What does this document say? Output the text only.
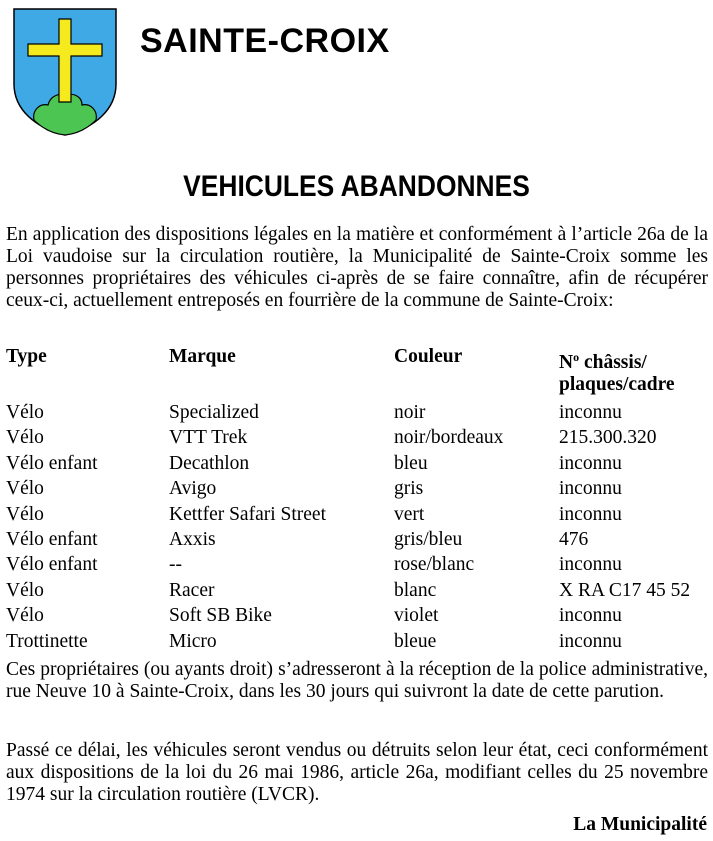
SAINTE-CROIX
VEHICULES ABANDONNES
En application des dispositions légales en la matière et conformément à l’article 26a de la Loi vaudoise sur la circulation routière, la Municipalité de Sainte-Croix somme les personnes propriétaires des véhicules ci-après de se faire connaître, afin de récupérer ceux-ci, actuellement entreposés en fourrière de la commune de Sainte-Croix:
Type	Marque	Couleur	$N^o$ châssis/
plaques/cadre
Vélo	Specialized	noir	inconnu
Vélo	VTT Trek	noir/bordeaux	215.300.320
Vélo enfant	Decathlon	bleu	inconnu
Vélo	Avigo	gris	inconnu
Vélo	Kettfer Safari Street	vert	inconnu
Vélo enfant	Axxis	gris/bleu	476
Vélo enfant	--	rose/blanc	inconnu
Vélo	Racer	blanc	X RA C17 45 52
Vélo	Soft SB Bike	violet	inconnu
Trottinette	Micro	bleue	inconnu
Ces propriétaires (ou ayants droit) s’adresseront à la réception de la police administrative, rue Neuve 10 à Sainte-Croix, dans les 30 jours qui suivront la date de cette parution.
Passé ce délai, les véhicules seront vendus ou détruits selon leur état, ceci conformément aux dispositions de la loi du 26 mai 1986, article 26a, modifiant celles du 25 novembre 1974 sur la circulation routière (LVCR).
La Municipalité
